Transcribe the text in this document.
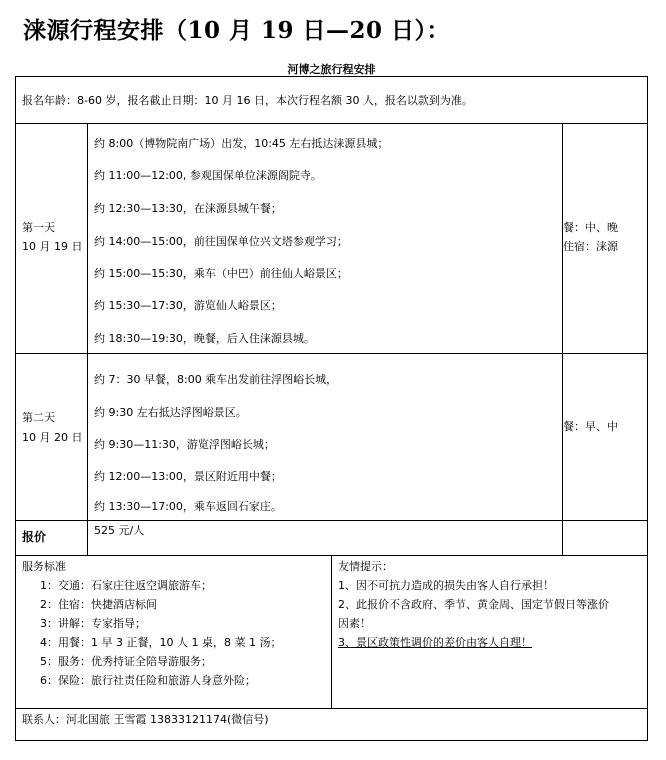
涞源行程安排（10 月 19 日—20 日）：
河博之旅行程安排
报名年龄：8-60 岁，报名截止日期：10 月 16 日，本次行程名额 30 人，报名以款到为准。
第一天
10 月 19 日
约 8:00（博物院南广场）出发，10:45 左右抵达涞源县城；
约 11:00—12:00, 参观国保单位涞源阁院寺。
约 12:30—13:30，在涞源县城午餐；
约 14:00—15:00，前往国保单位兴文塔参观学习；
约 15:00—15:30，乘车（中巴）前往仙人峪景区；
约 15:30—17:30，游览仙人峪景区；
约 18:30—19:30，晚餐，后入住涞源县城。
餐：中、晚
住宿：涞源
第二天
10 月 20 日
约 7：30 早餐，8:00 乘车出发前往浮图峪长城，
约 9:30 左右抵达浮图峪景区。
约 9:30—11:30，游览浮图峪长城；
约 12:00—13:00，景区附近用中餐；
约 13:30—17:00，乘车返回石家庄。
餐：早、中
报价	525 元/人
服务标准
1：交通：石家庄往返空调旅游车；
2：住宿：快捷酒店标间
3：讲解：专家指导；
4：用餐：1 早 3 正餐，10 人 1 桌，8 菜 1 汤；
5：服务：优秀持证全陪导游服务；
6：保险：旅行社责任险和旅游人身意外险；
友情提示：
1、因不可抗力造成的损失由客人自行承担！
2、此报价不含政府、季节、黄金周、国定节假日等涨价
因素！
3、景区政策性调价的差价由客人自理！
联系人：河北国旅 王雪霞 13833121174(微信号)
